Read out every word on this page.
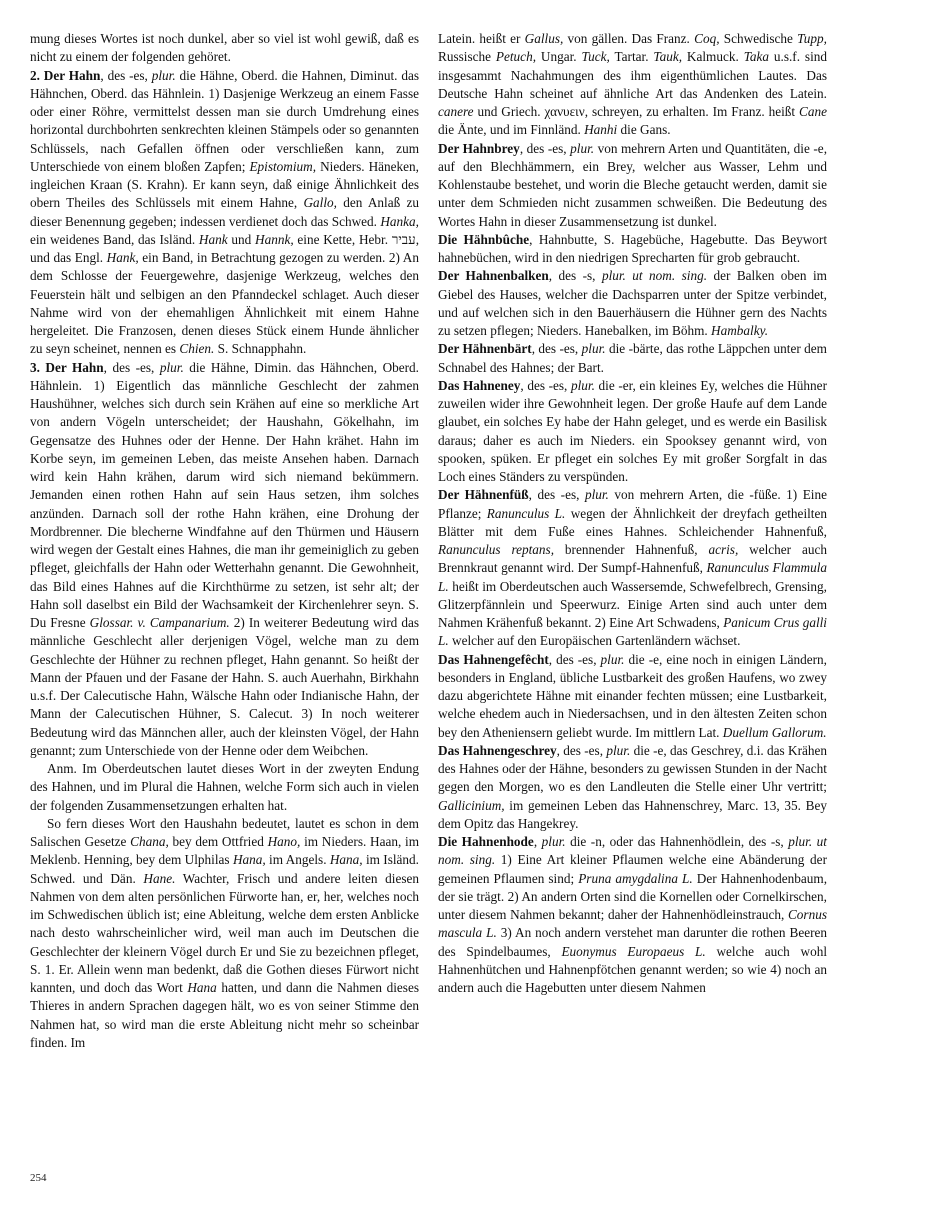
mung dieses Wortes ist noch dunkel, aber so viel ist wohl gewiß, daß es nicht zu einem der folgenden gehöret.

2. Der Hahn, des -es, plur. die Hähne, Oberd. die Hahnen, Diminut. das Hähnchen, Oberd. das Hähnlein. 1) Dasjenige Werkzeug an einem Fasse oder einer Röhre, vermittelst dessen man sie durch Umdrehung eines horizontal durchbohrten senkrechten kleinen Stämpels oder so genannten Schlüssels, nach Gefallen öffnen oder verschließen kann, zum Unterschiede von einem bloßen Zapfen; Epistomium, Nieders. Häneken, ingleichen Kraan (S. Krahn). Er kann seyn, daß einige Ähnlichkeit des obern Theiles des Schlüssels mit einem Hahne, Gallo, den Anlaß zu dieser Benennung gegeben; indessen verdienet doch das Schwed. Hanka, ein weidenes Band, das Isländ. Hank und Hannk, eine Kette, Hebr. עביר, und das Engl. Hank, ein Band, in Betrachtung gezogen zu werden. 2) An dem Schlosse der Feuergewehre, dasjenige Werkzeug, welches den Feuerstein hält und selbigen an den Pfanndeckel schlaget. Auch dieser Nahme wird von der ehemahligen Ähnlichkeit mit einem Hahne hergeleitet. Die Franzosen, denen dieses Stück einem Hunde ähnlicher zu seyn scheinet, nennen es Chien. S. Schnapphahn.

3. Der Hahn, des -es, plur. die Hähne, Dimin. das Hähnchen, Oberd. Hähnlein. 1) Eigentlich das männliche Geschlecht der zahmen Haushühner, welches sich durch sein Krähen auf eine so merkliche Art von andern Vögeln unterscheidet; der Haushahn, Gökelhahn, im Gegensatze des Huhnes oder der Henne. Der Hahn krähet. Hahn im Korbe seyn, im gemeinen Leben, das meiste Ansehen haben. Darnach wird kein Hahn krähen, darum wird sich niemand bekümmern. Jemanden einen rothen Hahn auf sein Haus setzen, ihm solches anzünden. Darnach soll der rothe Hahn krähen, eine Drohung der Mordbrenner. Die blecherne Windfahne auf den Thürmen und Häusern wird wegen der Gestalt eines Hahnes, die man ihr gemeiniglich zu geben pfleget, gleichfalls der Hahn oder Wetterhahn genannt. Die Gewohnheit, das Bild eines Hahnes auf die Kirchthürme zu setzen, ist sehr alt; der Hahn soll daselbst ein Bild der Wachsamkeit der Kirchenlehrer seyn. S. Du Fresne Glossar. v. Campanarium. 2) In weiterer Bedeutung wird das männliche Geschlecht aller derjenigen Vögel, welche man zu dem Geschlechte der Hühner zu rechnen pfleget, Hahn genannt. So heißt der Mann der Pfauen und der Fasane der Hahn. S. auch Auerhahn, Birkhahn u.s.f. Der Calecutische Hahn, Wälsche Hahn oder Indianische Hahn, der Mann der Calecutischen Hühner, S. Calecut. 3) In noch weiterer Bedeutung wird das Männchen aller, auch der kleinsten Vögel, der Hahn genannt; zum Unterschiede von der Henne oder dem Weibchen.

Anm. Im Oberdeutschen lautet dieses Wort in der zweyten Endung des Hahnen, und im Plural die Hahnen, welche Form sich auch in vielen der folgenden Zusammensetzungen erhalten hat.

So fern dieses Wort den Haushahn bedeutet, lautet es schon in dem Salischen Gesetze Chana, bey dem Ottfried Hano, im Nieders. Haan, im Meklenb. Henning, bey dem Ulphilas Hana, im Angels. Hana, im Isländ. Schwed. und Dän. Hane. Wachter, Frisch und andere leiten diesen Nahmen von dem alten persönlichen Fürworte han, er, her, welches noch im Schwedischen üblich ist; eine Ableitung, welche dem ersten Anblicke nach desto wahrscheinlicher wird, weil man auch im Deutschen die Geschlechter der kleinern Vögel durch Er und Sie zu bezeichnen pfleget, S. 1. Er. Allein wenn man bedenkt, daß die Gothen dieses Fürwort nicht kannten, und doch das Wort Hana hatten, und dann die Nahmen dieses Thieres in andern Sprachen dagegen hält, wo es von seiner Stimme den Nahmen hat, so wird man die erste Ableitung nicht mehr so scheinbar finden. Im

Latein. heißt er Gallus, von gällen. Das Franz. Coq, Schwedische Tupp, Russische Petuch, Ungar. Tuck, Tartar. Tauk, Kalmuck. Taka u.s.f. sind insgesammt Nachahmungen des ihm eigenthümlichen Lautes. Das Deutsche Hahn scheinet auf ähnliche Art das Andenken des Latein. canere und Griech. χανυειν, schreyen, zu erhalten. Im Franz. heißt Cane die Änte, und im Finnländ. Hanhi die Gans.

Der Hahnbrey, des -es, plur. von mehrern Arten und Quantitäten, die -e, auf den Blechhämmern, ein Brey, welcher aus Wasser, Lehm und Kohlenstaube bestehet, und worin die Bleche getaucht werden, damit sie unter dem Schmieden nicht zusammen schweißen. Die Bedeutung des Wortes Hahn in dieser Zusammensetzung ist dunkel.

Die Hähnbûche, Hahnbutte, S. Hagebüche, Hagebutte. Das Beywort hahnebüchen, wird in den niedrigen Sprecharten für grob gebraucht.

Der Hahnenbalken, des -s, plur. ut nom. sing. der Balken oben im Giebel des Hauses, welcher die Dachsparren unter der Spitze verbindet, und auf welchen sich in den Bauerhäusern die Hühner gern des Nachts zu setzen pflegen; Nieders. Hanebalken, im Böhm. Hambalky.

Der Hähnenbärt, des -es, plur. die -bärte, das rothe Läppchen unter dem Schnabel des Hahnes; der Bart.

Das Hahneney, des -es, plur. die -er, ein kleines Ey, welches die Hühner zuweilen wider ihre Gewohnheit legen. Der große Haufe auf dem Lande glaubet, ein solches Ey habe der Hahn geleget, und es werde ein Basilisk daraus; daher es auch im Nieders. ein Spooksey genannt wird, von spooken, spüken. Er pfleget ein solches Ey mit großer Sorgfalt in das Loch eines Ständers zu verspünden.

Der Hähnenfüß, des -es, plur. von mehrern Arten, die -füße. 1) Eine Pflanze; Ranunculus L. wegen der Ähnlichkeit der dreyfach getheilten Blätter mit dem Fuße eines Hahnes. Schleichender Hahnenfuß, Ranunculus reptans, brennender Hahnenfuß, acris, welcher auch Brennkraut genannt wird. Der Sumpf-Hahnenfuß, Ranunculus Flammula L. heißt im Oberdeutschen auch Wassersemde, Schwefelbrech, Grensing, Glitzerpfännlein und Speerwurz. Einige Arten sind auch unter dem Nahmen Krähenfuß bekannt. 2) Eine Art Schwadens, Panicum Crus galli L. welcher auf den Europäischen Gartenländern wächset.

Das Hahnengefêcht, des -es, plur. die -e, eine noch in einigen Ländern, besonders in England, übliche Lustbarkeit des großen Haufens, wo zwey dazu abgerichtete Hähne mit einander fechten müssen; eine Lustbarkeit, welche ehedem auch in Niedersachsen, und in den ältesten Zeiten schon bey den Atheniensern geliebt wurde. Im mittlern Lat. Duellum Gallorum.

Das Hahnengeschrey, des -es, plur. die -e, das Geschrey, d.i. das Krähen des Hahnes oder der Hähne, besonders zu gewissen Stunden in der Nacht gegen den Morgen, wo es den Landleuten die Stelle einer Uhr vertritt; Gallicinium, im gemeinen Leben das Hahnenschrey, Marc. 13, 35. Bey dem Opitz das Hangekrey.

Die Hahnenhode, plur. die -n, oder das Hahnenhödlein, des -s, plur. ut nom. sing. 1) Eine Art kleiner Pflaumen welche eine Abänderung der gemeinen Pflaumen sind; Pruna amygdalina L. Der Hahnenhodenbaum, der sie trägt. 2) An andern Orten sind die Kornellen oder Cornelkirschen, unter diesem Nahmen bekannt; daher der Hahnenhödleinstrauch, Cornus mascula L. 3) An noch andern verstehet man darunter die rothen Beeren des Spindelbaumes, Euonymus Europaeus L. welche auch wohl Hahnenhütchen und Hahnenpfötchen genannt werden; so wie 4) noch an andern auch die Hagebutten unter diesem Nahmen

254
